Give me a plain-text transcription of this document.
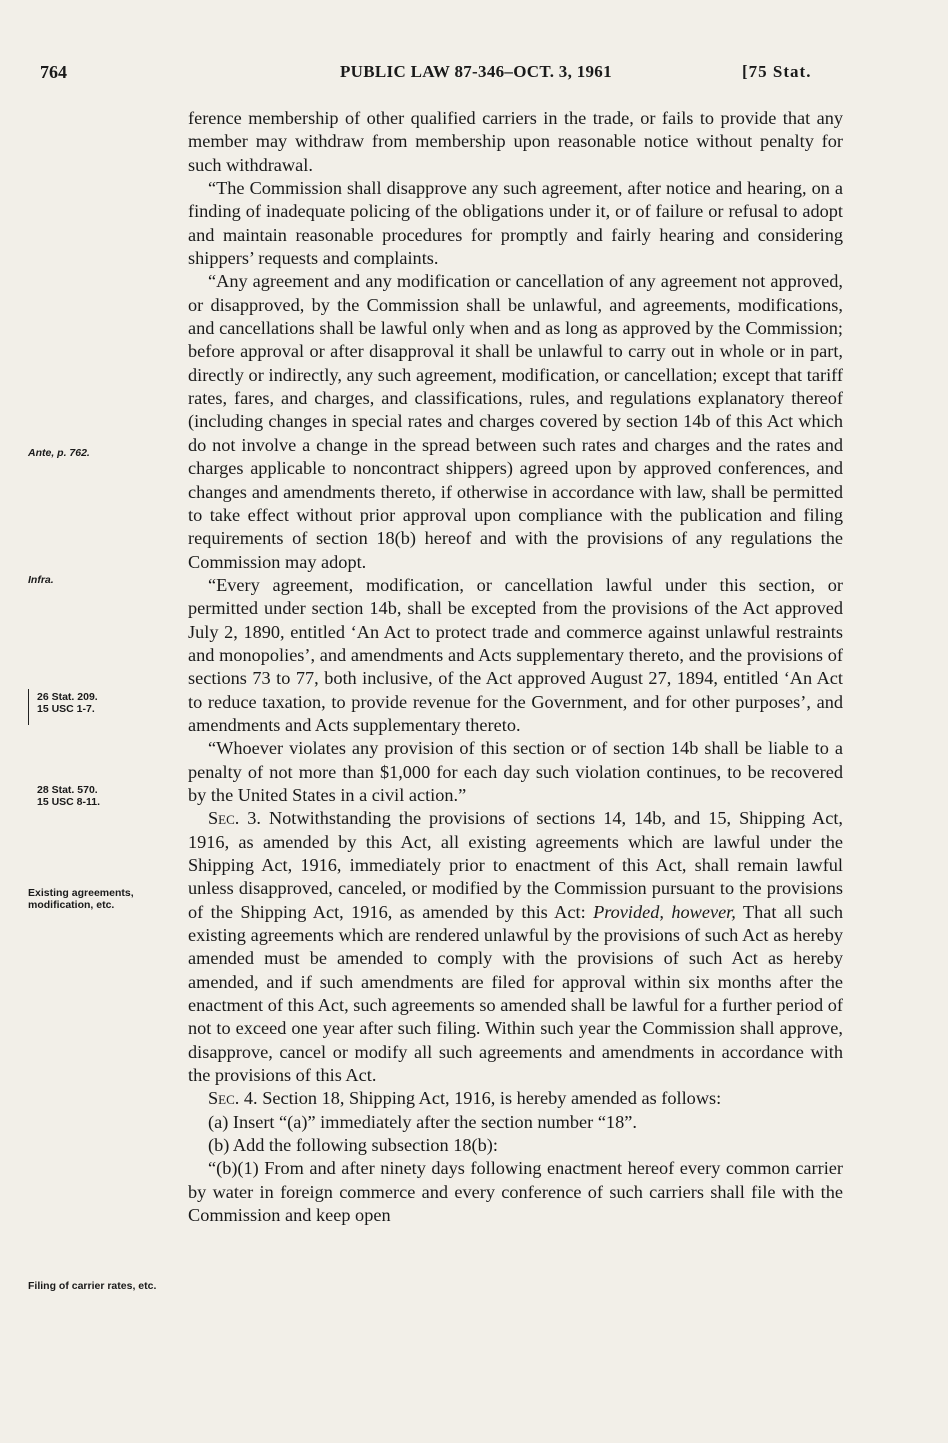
764	PUBLIC LAW 87-346–OCT. 3, 1961	[75 Stat.
Ante, p. 762.
Infra.
26 Stat. 209.
15 USC 1-7.
28 Stat. 570.
15 USC 8-11.
Existing agreements, modification, etc.
Filing of carrier rates, etc.

ference membership of other qualified carriers in the trade, or fails to provide that any member may withdraw from membership upon reasonable notice without penalty for such withdrawal.

“The Commission shall disapprove any such agreement, after notice and hearing, on a finding of inadequate policing of the obligations under it, or of failure or refusal to adopt and maintain reasonable procedures for promptly and fairly hearing and considering shippers’ requests and complaints.

“Any agreement and any modification or cancellation of any agreement not approved, or disapproved, by the Commission shall be unlawful, and agreements, modifications, and cancellations shall be lawful only when and as long as approved by the Commission; before approval or after disapproval it shall be unlawful to carry out in whole or in part, directly or indirectly, any such agreement, modification, or cancellation; except that tariff rates, fares, and charges, and classifications, rules, and regulations explanatory thereof (including changes in special rates and charges covered by section 14b of this Act which do not involve a change in the spread between such rates and charges and the rates and charges applicable to noncontract shippers) agreed upon by approved conferences, and changes and amendments thereto, if otherwise in accordance with law, shall be permitted to take effect without prior approval upon compliance with the publication and filing requirements of section 18(b) hereof and with the provisions of any regulations the Commission may adopt.

“Every agreement, modification, or cancellation lawful under this section, or permitted under section 14b, shall be excepted from the provisions of the Act approved July 2, 1890, entitled ‘An Act to protect trade and commerce against unlawful restraints and monopolies’, and amendments and Acts supplementary thereto, and the provisions of sections 73 to 77, both inclusive, of the Act approved August 27, 1894, entitled ‘An Act to reduce taxation, to provide revenue for the Government, and for other purposes’, and amendments and Acts supplementary thereto.

“Whoever violates any provision of this section or of section 14b shall be liable to a penalty of not more than $1,000 for each day such violation continues, to be recovered by the United States in a civil action.”

Sec. 3. Notwithstanding the provisions of sections 14, 14b, and 15, Shipping Act, 1916, as amended by this Act, all existing agreements which are lawful under the Shipping Act, 1916, immediately prior to enactment of this Act, shall remain lawful unless disapproved, canceled, or modified by the Commission pursuant to the provisions of the Shipping Act, 1916, as amended by this Act: Provided, however, That all such existing agreements which are rendered unlawful by the provisions of such Act as hereby amended must be amended to comply with the provisions of such Act as hereby amended, and if such amendments are filed for approval within six months after the enactment of this Act, such agreements so amended shall be lawful for a further period of not to exceed one year after such filing. Within such year the Commission shall approve, disapprove, cancel or modify all such agreements and amendments in accordance with the provisions of this Act.

Sec. 4. Section 18, Shipping Act, 1916, is hereby amended as follows:

(a) Insert “(a)” immediately after the section number “18”.

(b) Add the following subsection 18(b):

“(b)(1) From and after ninety days following enactment hereof every common carrier by water in foreign commerce and every conference of such carriers shall file with the Commission and keep open
